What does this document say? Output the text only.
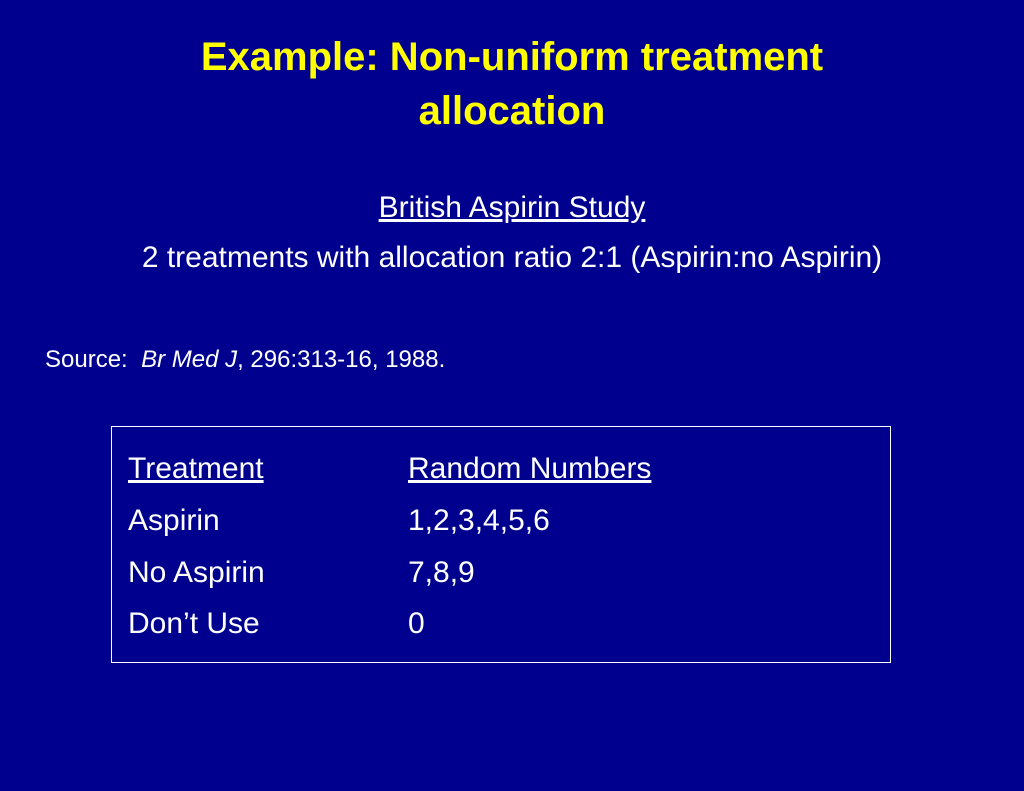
Example: Non-uniform treatment
allocation
British Aspirin Study
2 treatments with allocation ratio 2:1 (Aspirin:no Aspirin)
Source: Br Med J, 296:313-16, 1988.
Treatment	Random Numbers
Aspirin	1,2,3,4,5,6
No Aspirin	7,8,9
Don’t Use	0
